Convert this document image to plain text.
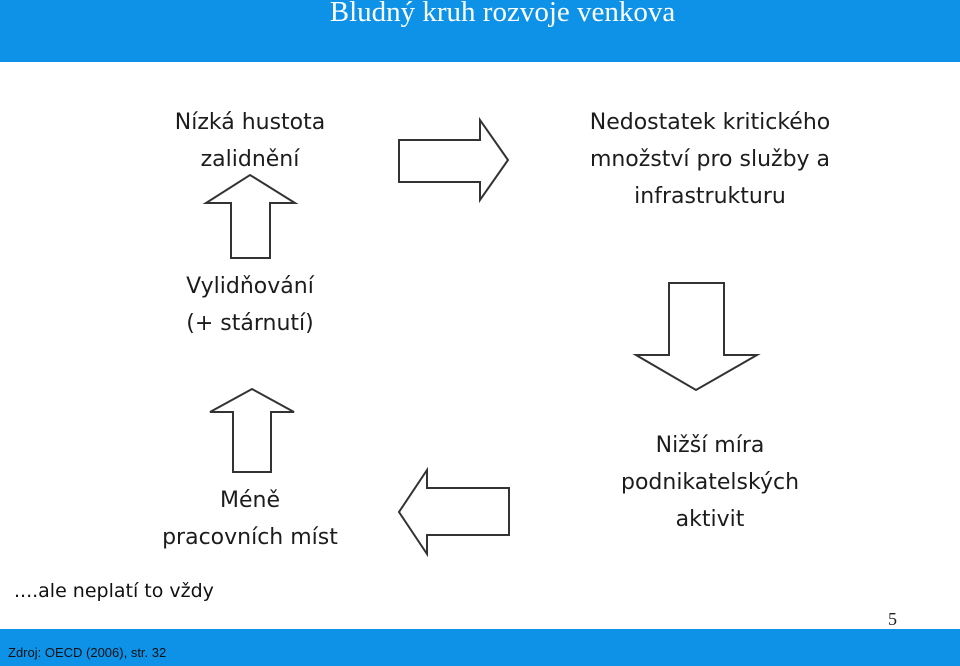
Bludný kruh rozvoje venkova
Nízká hustota
zalidnění
Nedostatek kritického
množství pro služby a
infrastrukturu
Vylidňování
(+ stárnutí)
Nižší míra
podnikatelských
aktivit
Méně
pracovních míst
....ale neplatí to vždy
5
Zdroj: OECD (2006), str. 32
